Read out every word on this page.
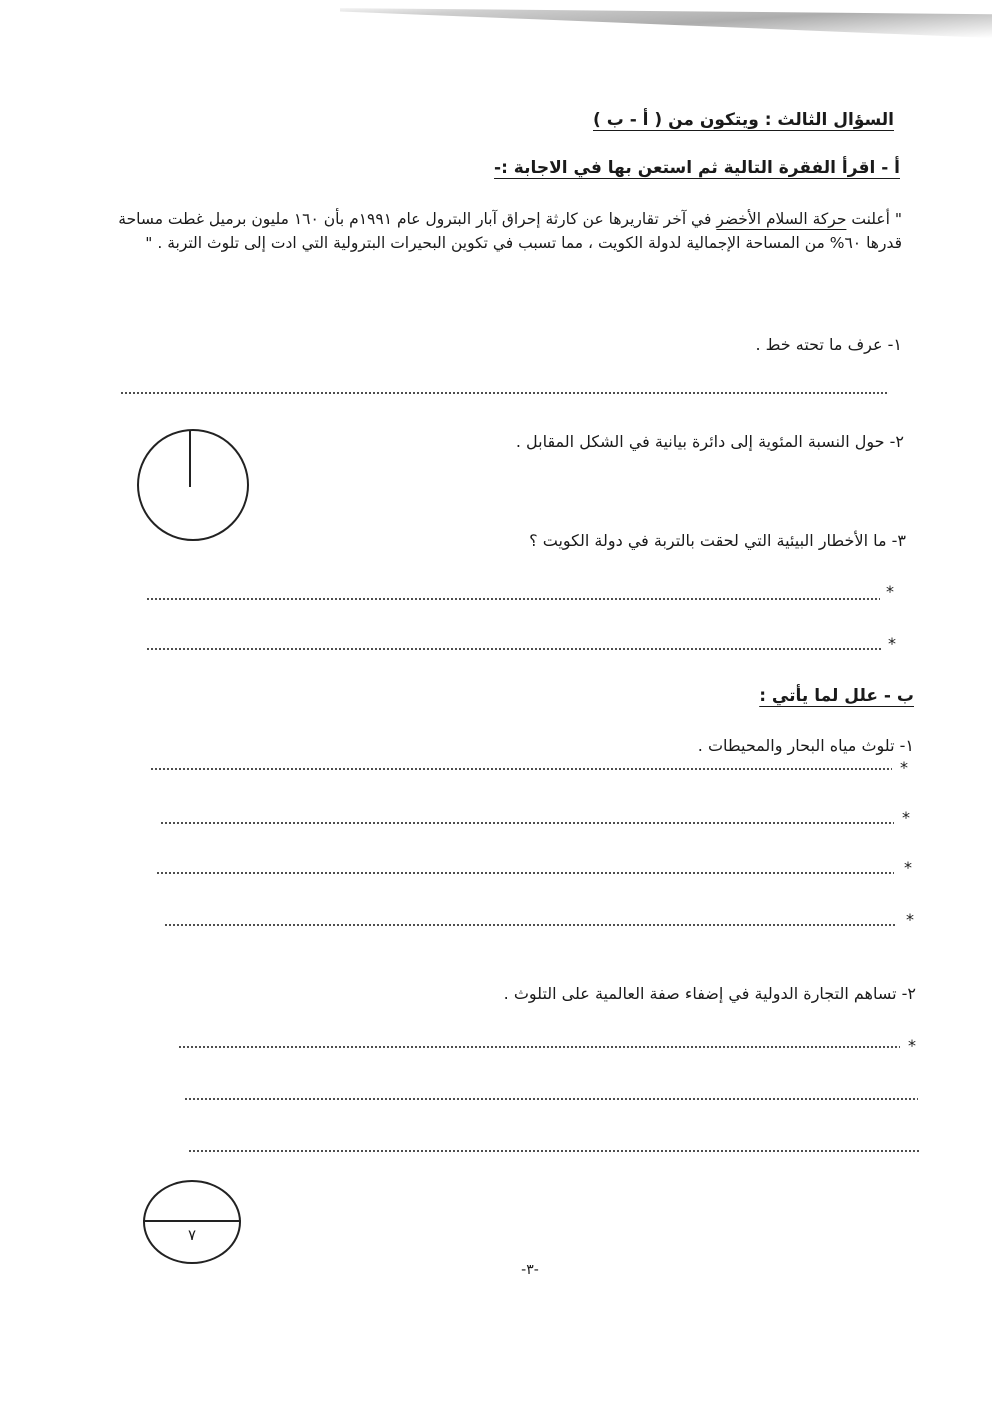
السؤال الثالث : ويتكون من ( أ - ب )
أ - اقرأ الفقرة التالية ثم استعن بها في الاجابة :-
" أعلنت حركة السلام الأخضر في آخر تقاريرها عن كارثة إحراق آبار البترول عام ١٩٩١م بأن ١٦٠ مليون برميل غطت مساحة قدرها ٦٠% من المساحة الإجمالية لدولة الكويت ، مما تسبب في تكوين البحيرات البترولية التي ادت إلى تلوث التربة . "
١- عرف ما تحته خط .
٢- حول النسبة المئوية إلى دائرة بيانية في الشكل المقابل .
٣- ما الأخطار البيئية التي لحقت بالتربة في دولة الكويت ؟
*
*
ب - علل لما يأتي :
١- تلوث مياه البحار والمحيطات .
*
*
*
*
٢- تساهم التجارة الدولية في إضفاء صفة العالمية على التلوث .
*
٧
-٣-
